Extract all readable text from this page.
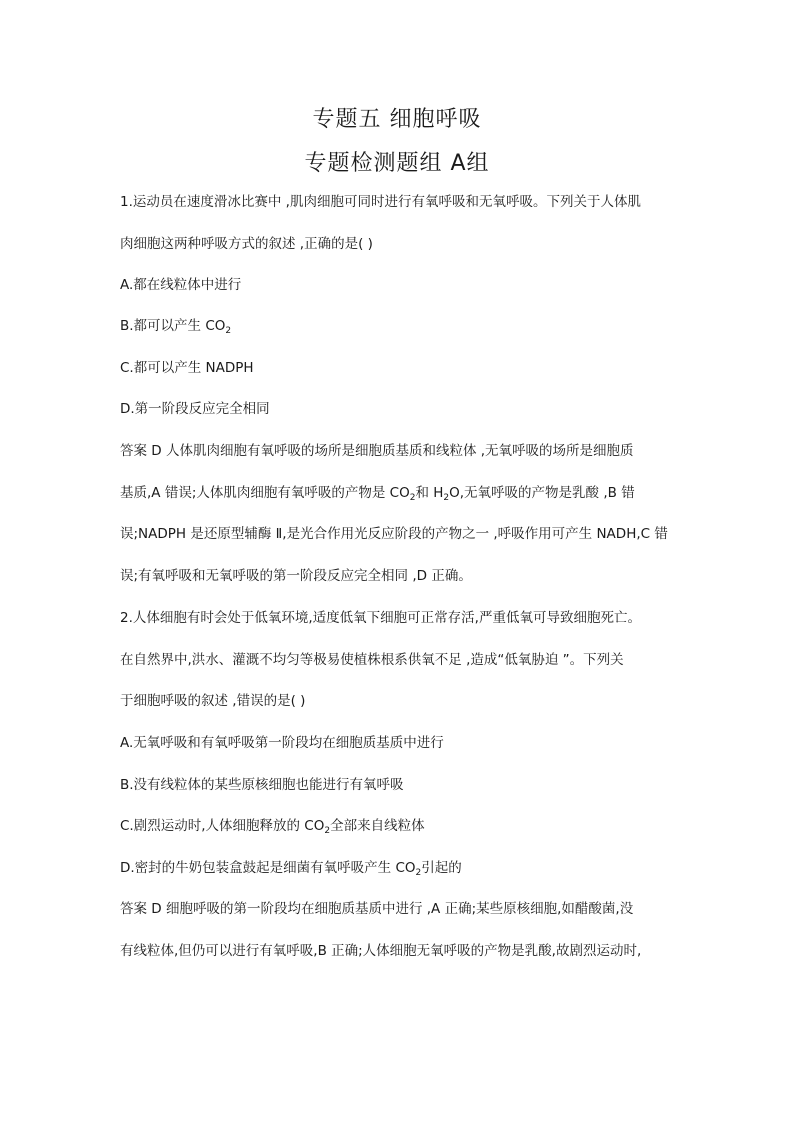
专题五 细胞呼吸
专题检测题组 A组
1.运动员在速度滑冰比赛中 ,肌肉细胞可同时进行有氧呼吸和无氧呼吸。下列关于人体肌
肉细胞这两种呼吸方式的叙述 ,正确的是( )
A.都在线粒体中进行
B.都可以产生 $CO_2$
C.都可以产生 NADPH
D.第一阶段反应完全相同
答案 D 人体肌肉细胞有氧呼吸的场所是细胞质基质和线粒体 ,无氧呼吸的场所是细胞质
基质,A 错误;人体肌肉细胞有氧呼吸的产物是 $CO_2$和 $H_2O$,无氧呼吸的产物是乳酸 ,B 错
误;NADPH 是还原型辅酶 Ⅱ,是光合作用光反应阶段的产物之一 ,呼吸作用可产生 NADH,C 错
误;有氧呼吸和无氧呼吸的第一阶段反应完全相同 ,D 正确。
2.人体细胞有时会处于低氧环境,适度低氧下细胞可正常存活,严重低氧可导致细胞死亡。
在自然界中,洪水、灌溉不均匀等极易使植株根系供氧不足 ,造成“低氧胁迫 ”。下列关
于细胞呼吸的叙述 ,错误的是( )
A.无氧呼吸和有氧呼吸第一阶段均在细胞质基质中进行
B.没有线粒体的某些原核细胞也能进行有氧呼吸
C.剧烈运动时,人体细胞释放的 $CO_2$全部来自线粒体
D.密封的牛奶包装盒鼓起是细菌有氧呼吸产生 $CO_2$引起的
答案 D 细胞呼吸的第一阶段均在细胞质基质中进行 ,A 正确;某些原核细胞,如醋酸菌,没
有线粒体,但仍可以进行有氧呼吸,B 正确;人体细胞无氧呼吸的产物是乳酸,故剧烈运动时,
